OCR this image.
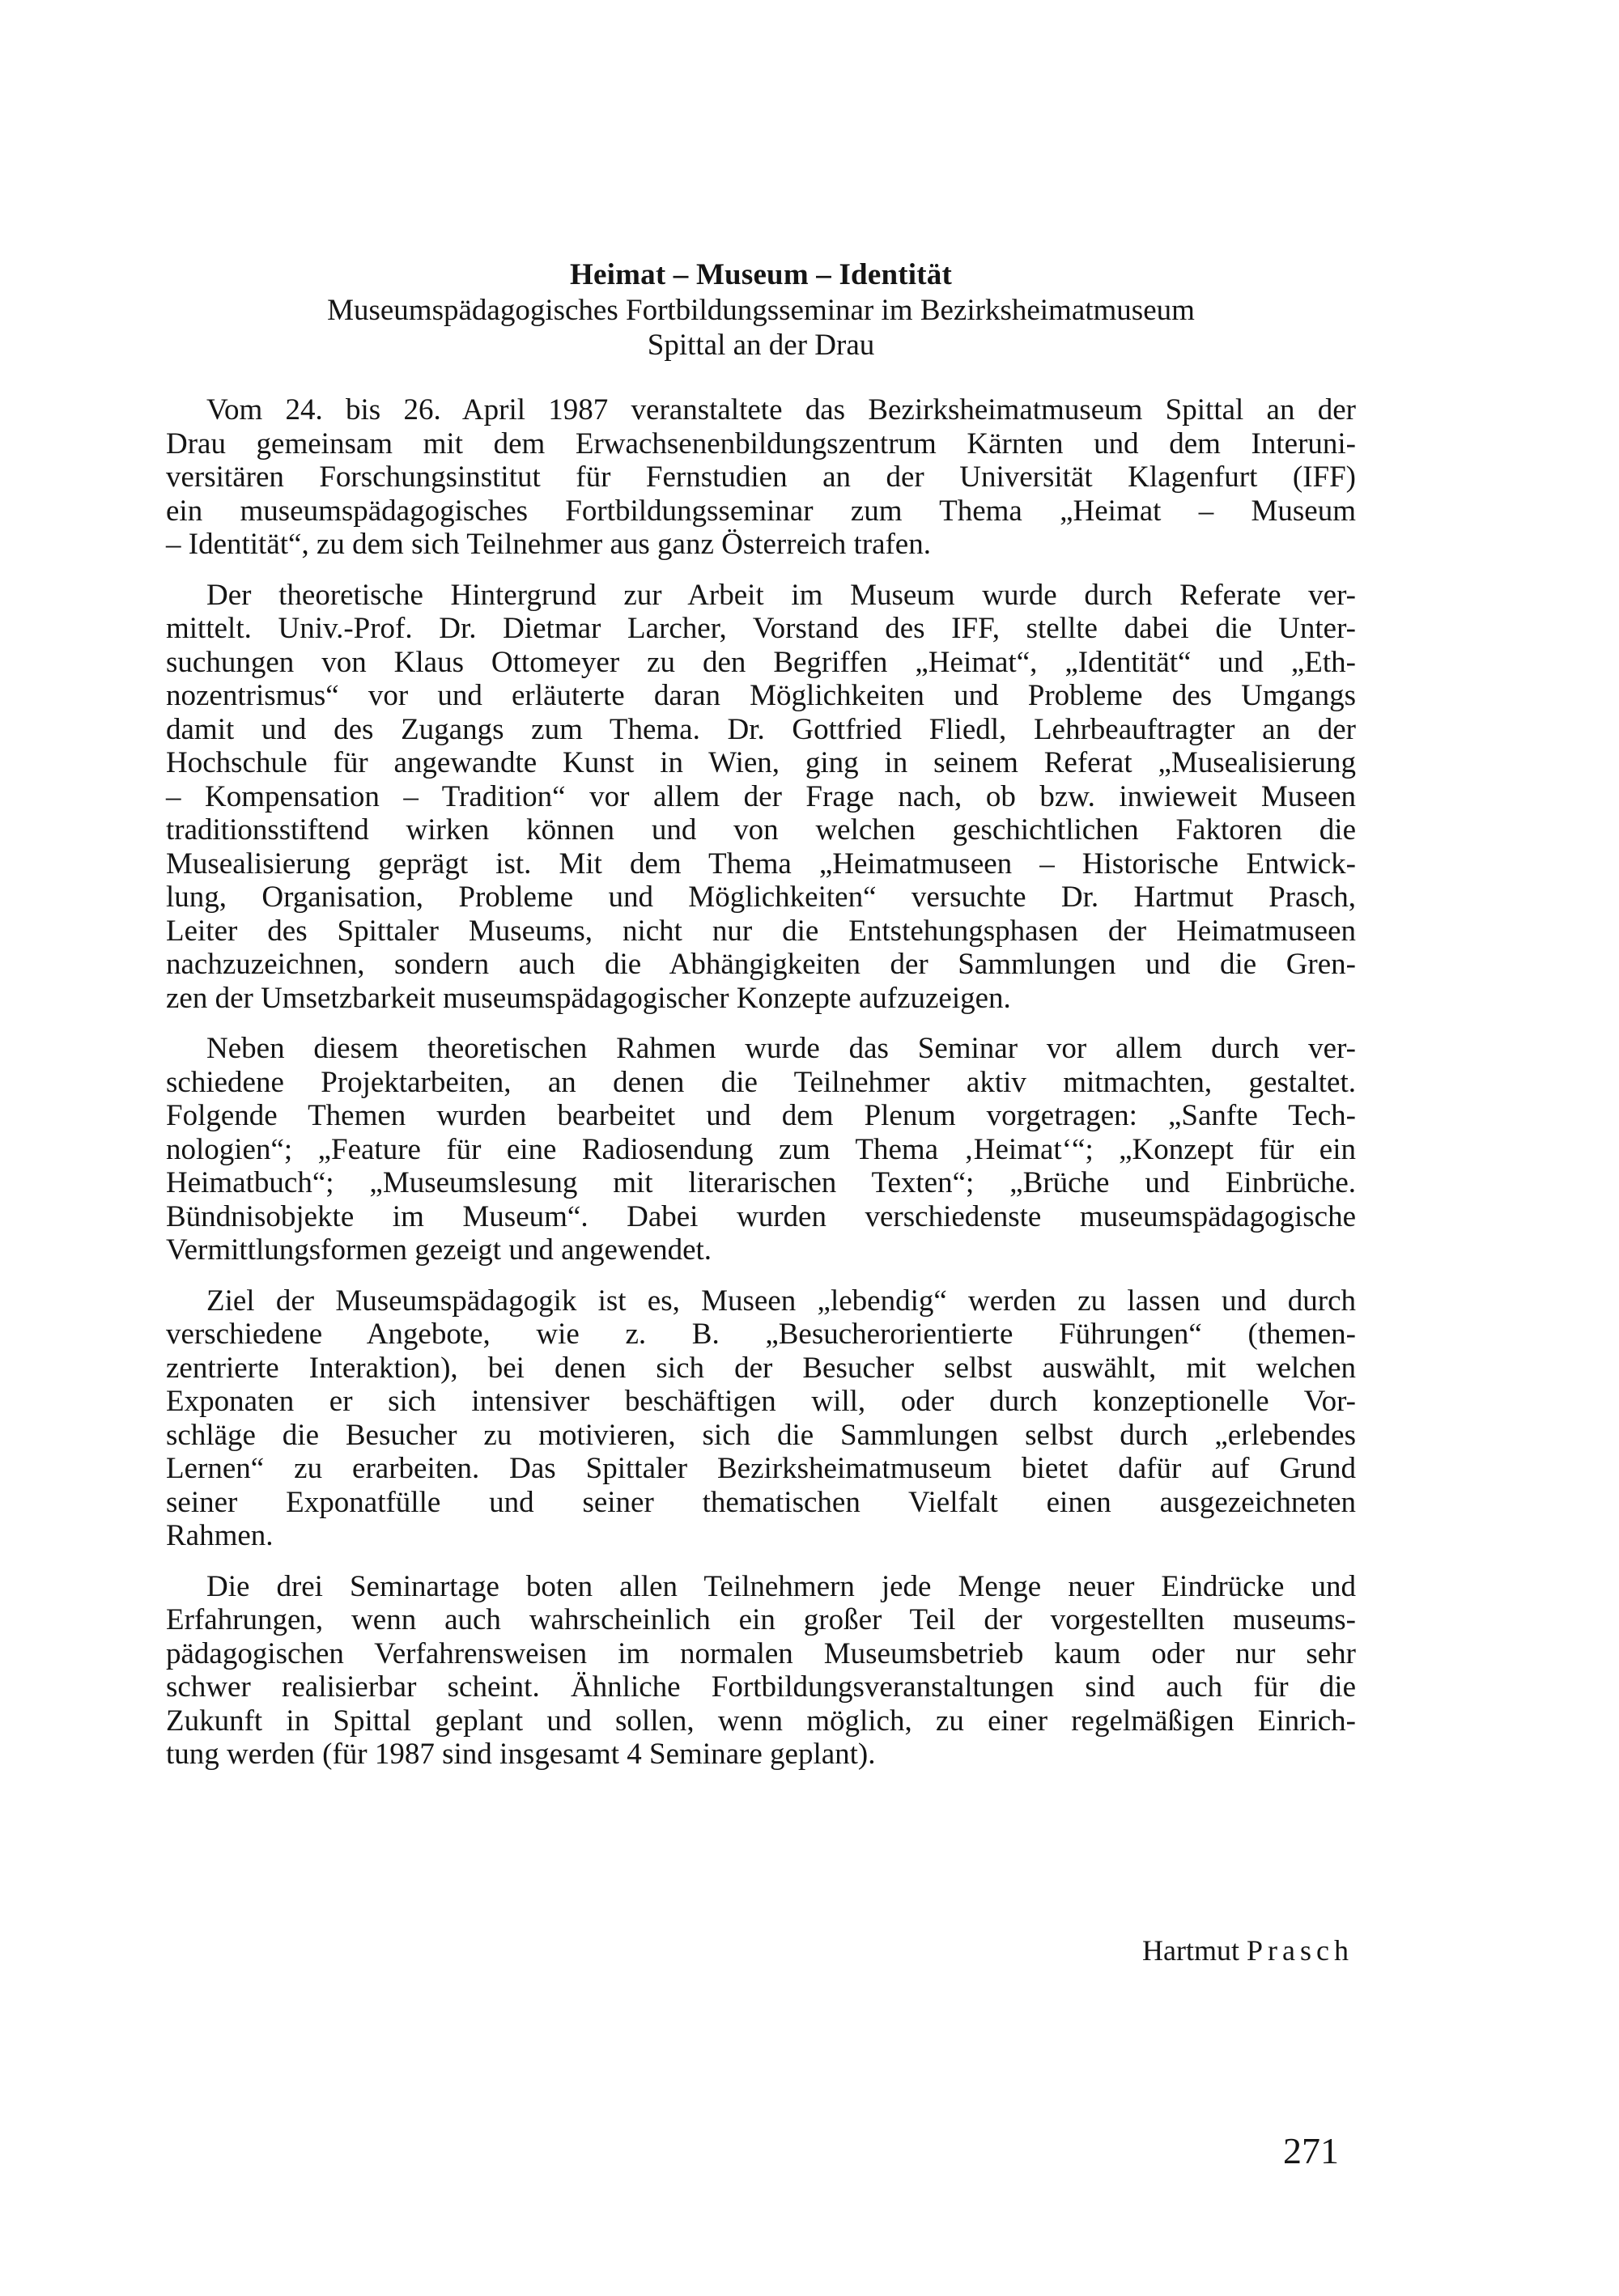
Heimat – Museum – Identität
Museumspädagogisches Fortbildungsseminar im Bezirksheimatmuseum
Spittal an der Drau
Vom 24. bis 26. April 1987 veranstaltete das Bezirksheimatmuseum Spittal an der
Drau gemeinsam mit dem Erwachsenenbildungszentrum Kärnten und dem Interuni-
versitären Forschungsinstitut für Fernstudien an der Universität Klagenfurt (IFF)
ein museumspädagogisches Fortbildungsseminar zum Thema „Heimat – Museum
– Identität“, zu dem sich Teilnehmer aus ganz Österreich trafen.
Der theoretische Hintergrund zur Arbeit im Museum wurde durch Referate ver-
mittelt. Univ.-Prof. Dr. Dietmar Larcher, Vorstand des IFF, stellte dabei die Unter-
suchungen von Klaus Ottomeyer zu den Begriffen „Heimat“, „Identität“ und „Eth-
nozentrismus“ vor und erläuterte daran Möglichkeiten und Probleme des Umgangs
damit und des Zugangs zum Thema. Dr. Gottfried Fliedl, Lehrbeauftragter an der
Hochschule für angewandte Kunst in Wien, ging in seinem Referat „Musealisierung
– Kompensation – Tradition“ vor allem der Frage nach, ob bzw. inwieweit Museen
traditionsstiftend wirken können und von welchen geschichtlichen Faktoren die
Musealisierung geprägt ist. Mit dem Thema „Heimatmuseen – Historische Entwick-
lung, Organisation, Probleme und Möglichkeiten“ versuchte Dr. Hartmut Prasch,
Leiter des Spittaler Museums, nicht nur die Entstehungsphasen der Heimatmuseen
nachzuzeichnen, sondern auch die Abhängigkeiten der Sammlungen und die Gren-
zen der Umsetzbarkeit museumspädagogischer Konzepte aufzuzeigen.
Neben diesem theoretischen Rahmen wurde das Seminar vor allem durch ver-
schiedene Projektarbeiten, an denen die Teilnehmer aktiv mitmachten, gestaltet.
Folgende Themen wurden bearbeitet und dem Plenum vorgetragen: „Sanfte Tech-
nologien“; „Feature für eine Radiosendung zum Thema ‚Heimat‘“; „Konzept für ein
Heimatbuch“; „Museumslesung mit literarischen Texten“; „Brüche und Einbrüche.
Bündnisobjekte im Museum“. Dabei wurden verschiedenste museumspädagogische
Vermittlungsformen gezeigt und angewendet.
Ziel der Museumspädagogik ist es, Museen „lebendig“ werden zu lassen und durch
verschiedene Angebote, wie z. B. „Besucherorientierte Führungen“ (themen-
zentrierte Interaktion), bei denen sich der Besucher selbst auswählt, mit welchen
Exponaten er sich intensiver beschäftigen will, oder durch konzeptionelle Vor-
schläge die Besucher zu motivieren, sich die Sammlungen selbst durch „erlebendes
Lernen“ zu erarbeiten. Das Spittaler Bezirksheimatmuseum bietet dafür auf Grund
seiner Exponatfülle und seiner thematischen Vielfalt einen ausgezeichneten
Rahmen.
Die drei Seminartage boten allen Teilnehmern jede Menge neuer Eindrücke und
Erfahrungen, wenn auch wahrscheinlich ein großer Teil der vorgestellten museums-
pädagogischen Verfahrensweisen im normalen Museumsbetrieb kaum oder nur sehr
schwer realisierbar scheint. Ähnliche Fortbildungsveranstaltungen sind auch für die
Zukunft in Spittal geplant und sollen, wenn möglich, zu einer regelmäßigen Einrich-
tung werden (für 1987 sind insgesamt 4 Seminare geplant).
Hartmut Prasch
271
